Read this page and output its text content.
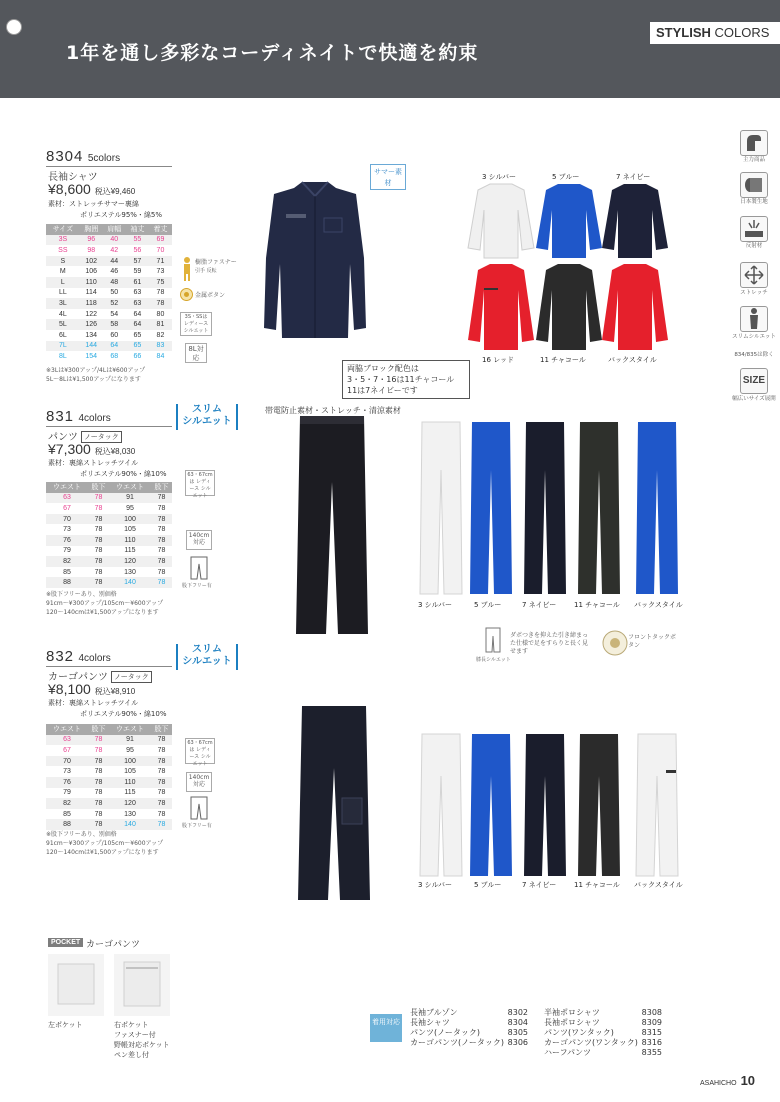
1年を通し多彩なコーディネイトで快適を約束
STYLISH COLORS
8304 5colors
長袖シャツ
¥8,600 税込¥9,460
素材：ストレッチサマー裏綿
ポリエステル95%・綿5%
サイズ	胸囲	肩幅	袖丈	着丈
3S	96	40	55	69
SS	98	42	56	70
S	102	44	57	71
M	106	46	59	73
L	110	48	61	75
LL	114	50	63	78
3L	118	52	63	78
4L	122	54	64	80
5L	126	58	64	81
6L	134	60	65	82
7L	144	64	65	83
8L	154	68	66	84
※3Lは¥300アップ/4Lは¥600アップ
5L～8Lは¥1,500アップになります
樹脂ファスナー
引手 反転
金属ボタン
3S・SSは レディース シルエット
8L対応
サマー素材
3 シルバー	5 ブルー	7 ネイビー
16 レッド	11 チャコール	バックスタイル
両脇ブロック配色は
3・5・7・16は11チャコール
11は7ネイビーです
帯電防止素材・ストレッチ・清涼素材
831 4colors
スリム
シルエット
パンツ ノータック
¥7,300 税込¥8,030
素材：裏綿ストレッチツイル
ポリエステル90%・綿10%
ウエスト	股下	ウエスト	股下
63	78	91	78
67	78	95	78
70	78	100	78
73	78	105	78
76	78	110	78
79	78	115	78
82	78	120	78
85	78	130	78
88	78	140	78
※股下フリーあり、別価格
91cm～¥300アップ/105cm～¥600アップ
120～140cmは¥1,500アップになります
63・67cmは レディース シルエット
140cm対応
股下フリー有
3 シルバー	5 ブルー	7 ネイビー	11 チャコール バックスタイル
膝長シルエット
ダボつきを抑えた引き締まった仕様で足をすらりと長く見せます
フロントタックボタン
832 4colors
スリム
シルエット
カーゴパンツ ノータック
¥8,100 税込¥8,910
素材：裏綿ストレッチツイル
ポリエステル90%・綿10%
ウエスト	股下	ウエスト	股下
63	78	91	78
67	78	95	78
70	78	100	78
73	78	105	78
76	78	110	78
79	78	115	78
82	78	120	78
85	78	130	78
88	78	140	78
※股下フリーあり、別価格
91cm～¥300アップ/105cm～¥600アップ
120～140cmは¥1,500アップになります
63・67cmは レディース シルエット
140cm対応
股下フリー有
3 シルバー	5 ブルー	7 ネイビー	11 チャコール バックスタイル
POCKET カーゴパンツ
左ポケット	右ポケット
ファスナー付
野帳対応ポケット
ペン差し付
着用対応
長袖ブルゾン	8302
長袖シャツ	8304
パンツ(ノータック)	8305
カーゴパンツ(ノータック) 8306
半袖ポロシャツ	8308
長袖ポロシャツ	8309
パンツ(ワンタック)	8315
カーゴパンツ(ワンタック) 8316
ハーフパンツ	8355
主力商品
日本製生地
反射材
ストレッチ
スリムシルエット
834/835は除く
SIZE
幅広いサイズ展開
ASAHICHO 10
